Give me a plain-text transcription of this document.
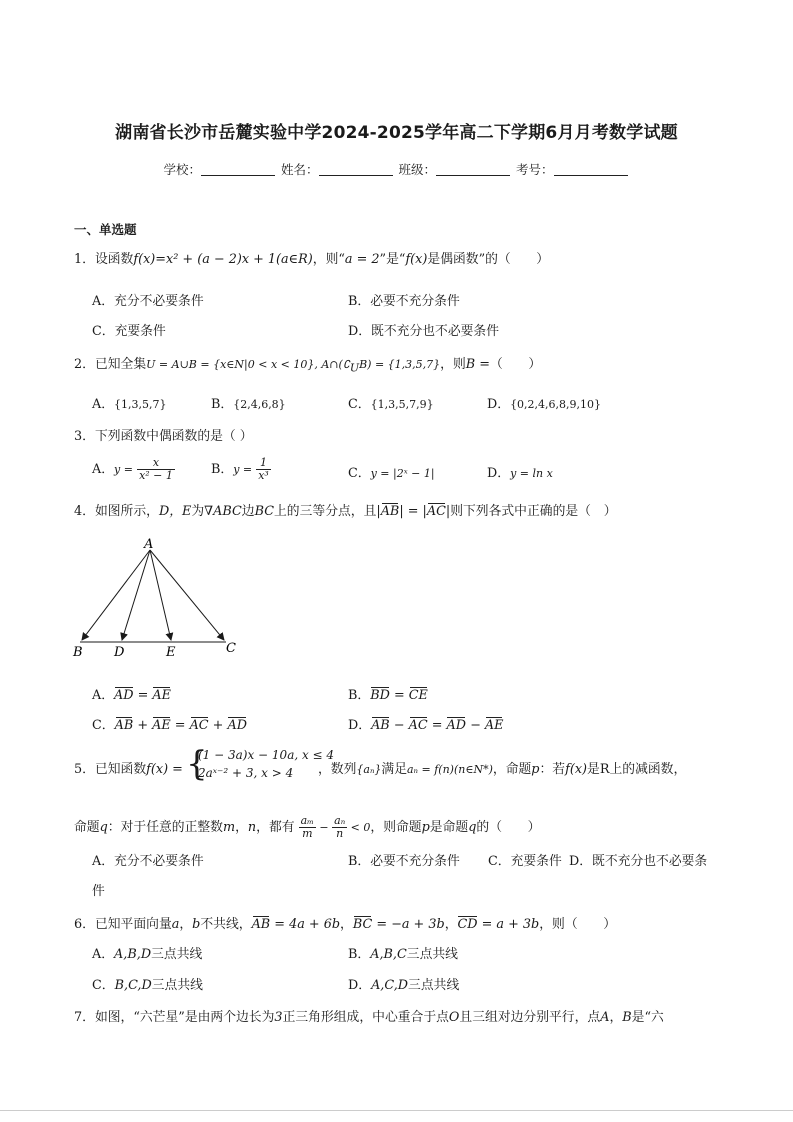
湖南省长沙市岳麓实验中学2024-2025学年高二下学期6月月考数学试题
学校：	姓名：	班级：	考号：
一、单选题
1．设函数f(x)=x² + (a − 2)x + 1(a∈R)，则“a = 2”是“f(x)是偶函数”的（　　）
A．充分不必要条件	B．必要不充分条件
C．充要条件	D．既不充分也不必要条件
2．已知全集U = A∪B = {x∈N|0 < x < 10}, $A\cap(∁_UB) = \{1,3,5,7\}$，则B =（　　）
A．{1,3,5,7}	B．{2,4,6,8}	C．{1,3,5,7,9}	D．{0,2,4,6,8,9,10}
3．下列函数中偶函数的是（ ）
A．$y = \frac{x}{\text{x² − 1}}$	B．$y = \frac{1}{\text{x³}}$	C．y = |2ˣ − 1|	D．y = ln x
4．如图所示，D，E为∇ABC边BC上的三等分点，且|AB| = |AC|则下列各式中正确的是（　）
A
B D	E	C
A．AD = AE	B．BD = CE
C．AB + AE = AC + AD	D．AB − AC = AD − AE
5．已知函数f(x) = {
(1 − 3a)x − 10a, x ≤ 4
2aˣ⁻² + 3, x > 4 ，数列{aₙ}满足aₙ = f(n)(n∈N*)，命题p：若f(x)是R上的减函数，
命题q：对于任意的正整数m，n，都有 $\frac{\text{aₘ}}{m} - \frac{\text{aₙ}}{n} < 0$，则命题p是命题q的（　　）
A．充分不必要条件	B．必要不充分条件 C．充要条件 D．既不充分也不必要条
件
6．已知平面向量a，b不共线，AB = 4a + 6b，BC = −a + 3b，CD = a + 3b，则（　　）
A．A,B,D三点共线	B．A,B,C三点共线
C．B,C,D三点共线	D．A,C,D三点共线
7．如图，“六芒星”是由两个边长为3正三角形组成，中心重合于点O且三组对边分别平行，点A，B是“六
